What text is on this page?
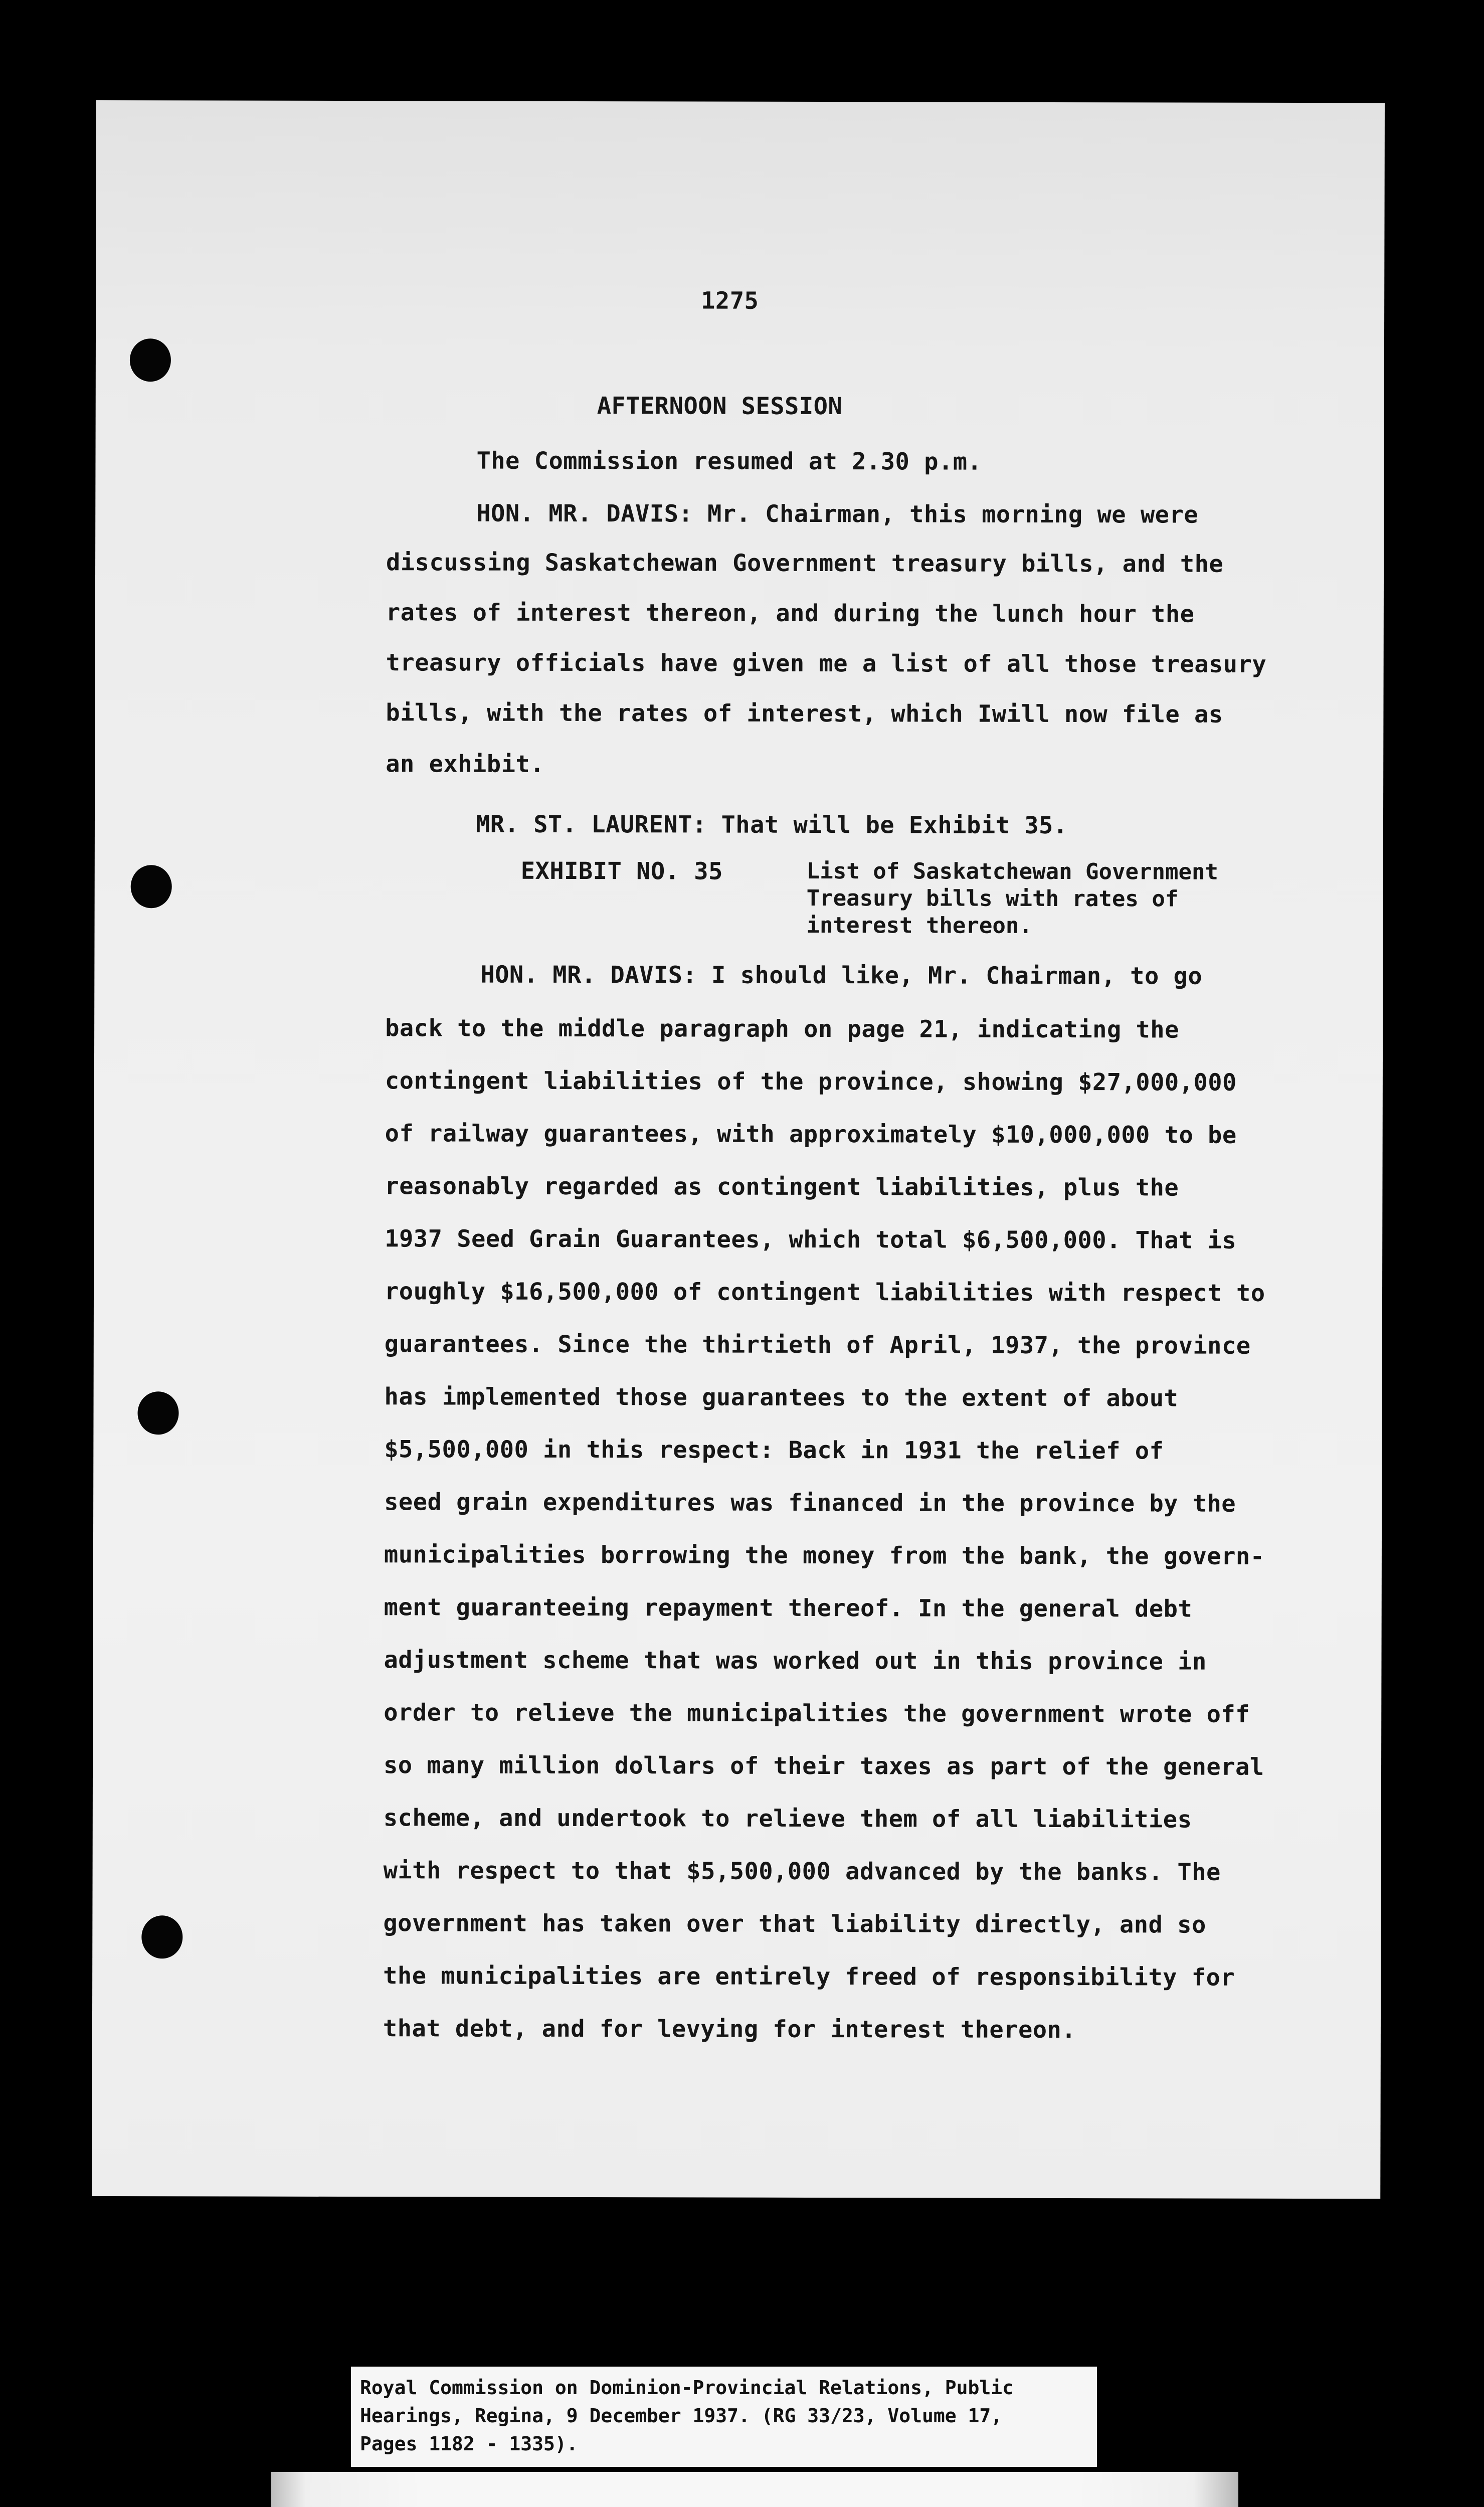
1275
AFTERNOON SESSION
The Commission resumed at 2.30 p.m.
HON. MR. DAVIS: Mr. Chairman, this morning we were
discussing Saskatchewan Government treasury bills, and the
rates of interest thereon, and during the lunch hour the
treasury officials have given me a list of all those treasury
bills, with the rates of interest, which Iwill now file as
an exhibit.
MR. ST. LAURENT: That will be Exhibit 35.
EXHIBIT NO. 35	List of Saskatchewan Government
Treasury bills with rates of
interest thereon.
HON. MR. DAVIS: I should like, Mr. Chairman, to go
back to the middle paragraph on page 21, indicating the
contingent liabilities of the province, showing $27,000,000
of railway guarantees, with approximately $10,000,000 to be
reasonably regarded as contingent liabilities, plus the
1937 Seed Grain Guarantees, which total $6,500,000. That is
roughly $16,500,000 of contingent liabilities with respect to
guarantees. Since the thirtieth of April, 1937, the province
has implemented those guarantees to the extent of about
$5,500,000 in this respect: Back in 1931 the relief of
seed grain expenditures was financed in the province by the
municipalities borrowing the money from the bank, the govern-
ment guaranteeing repayment thereof. In the general debt
adjustment scheme that was worked out in this province in
order to relieve the municipalities the government wrote off
so many million dollars of their taxes as part of the general
scheme, and undertook to relieve them of all liabilities
with respect to that $5,500,000 advanced by the banks. The
government has taken over that liability directly, and so
the municipalities are entirely freed of responsibility for
that debt, and for levying for interest thereon.
Royal Commission on Dominion-Provincial Relations, Public
Hearings, Regina, 9 December 1937. (RG 33/23, Volume 17,
Pages 1182 - 1335).
